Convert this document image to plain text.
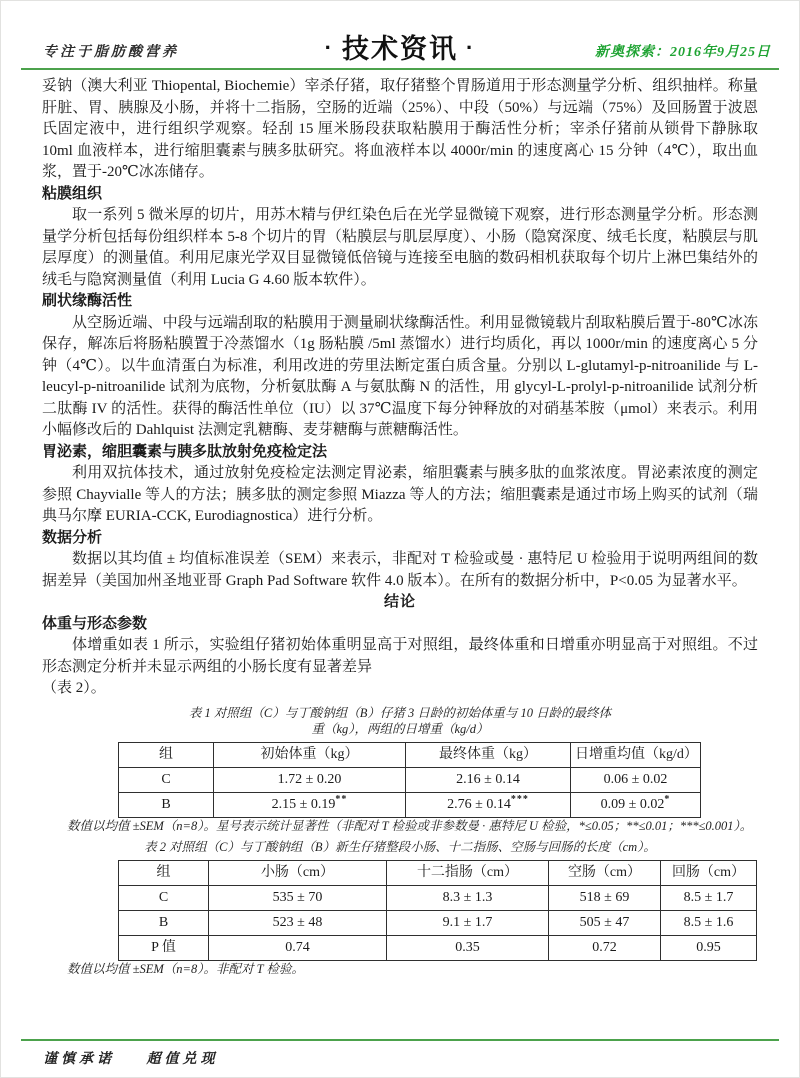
专注于脂肪酸营养	· 技术资讯 ·	新奥探索：2016年9月25日

妥钠（澳大利亚 Thiopental, Biochemie）宰杀仔猪，取仔猪整个胃肠道用于形态测量学分析、组织抽样。称量肝脏、胃、胰腺及小肠，并将十二指肠，空肠的近端（25%）、中段（50%）与远端（75%）及回肠置于波恩氏固定液中，进行组织学观察。轻刮 15 厘米肠段获取粘膜用于酶活性分析；宰杀仔猪前从锁骨下静脉取 10ml 血液样本，进行缩胆囊素与胰多肽研究。将血液样本以 4000r/min 的速度离心 15 分钟（4℃），取出血浆，置于-20℃冰冻储存。

粘膜组织

取一系列 5 微米厚的切片，用苏木精与伊红染色后在光学显微镜下观察，进行形态测量学分析。形态测量学分析包括每份组织样本 5-8 个切片的胃（粘膜层与肌层厚度）、小肠（隐窝深度、绒毛长度，粘膜层与肌层厚度）的测量值。利用尼康光学双目显微镜低倍镜与连接至电脑的数码相机获取每个切片上淋巴集结外的绒毛与隐窝测量值（利用 Lucia G 4.60 版本软件）。

刷状缘酶活性

从空肠近端、中段与远端刮取的粘膜用于测量刷状缘酶活性。利用显微镜载片刮取粘膜后置于-80℃冰冻保存，解冻后将肠粘膜置于冷蒸馏水（1g 肠粘膜 /5ml 蒸馏水）进行均质化，再以 1000r/min 的速度离心 5 分钟（4℃）。以牛血清蛋白为标准，利用改进的劳里法断定蛋白质含量。分别以 L-glutamyl-p-nitroanilide 与 L-leucyl-p-nitroanilide 试剂为底物，分析氨肽酶 A 与氨肽酶 N 的活性，用 glycyl-L-prolyl-p-nitroanilide 试剂分析二肽酶 IV 的活性。获得的酶活性单位（IU）以 37℃温度下每分钟释放的对硝基苯胺（μmol）来表示。利用小幅修改后的 Dahlquist 法测定乳糖酶、麦芽糖酶与蔗糖酶活性。

胃泌素，缩胆囊素与胰多肽放射免疫检定法

利用双抗体技术，通过放射免疫检定法测定胃泌素，缩胆囊素与胰多肽的血浆浓度。胃泌素浓度的测定参照 Chayvialle 等人的方法；胰多肽的测定参照 Miazza 等人的方法；缩胆囊素是通过市场上购买的试剂（瑞典马尔摩 EURIA-CCK, Eurodiagnostica）进行分析。

数据分析

数据以其均值 ± 均值标准误差（SEM）来表示，非配对 T 检验或曼 · 惠特尼 U 检验用于说明两组间的数据差异（美国加州圣地亚哥 Graph Pad Software 软件 4.0 版本）。在所有的数据分析中，P<0.05 为显著水平。

结论
体重与形态参数

体增重如表 1 所示，实验组仔猪初始体重明显高于对照组，最终体重和日增重亦明显高于对照组。不过形态测定分析并未显示两组的小肠长度有显著差异

（表 2）。

表 1 对照组（C）与丁酸钠组（B）仔猪 3 日龄的初始体重与 10 日龄的最终体
重（kg），两组的日增重（kg/d）
组	初始体重（kg）	最终体重（kg）	日增重均值（kg/d）
C	1.72 ± 0.20	2.16 ± 0.14	0.06 ± 0.02
B	2.15 ± 0.19**	2.76 ± 0.14***	0.09 ± 0.02*

数值以均值 ±SEM（n=8）。星号表示统计显著性（非配对 T 检验或非参数曼 · 惠特尼 U 检验，*≤0.05；**≤0.01；***≤0.001）。

表 2 对照组（C）与丁酸钠组（B）新生仔猪整段小肠、十二指肠、空肠与回肠的长度（cm）。
组	小肠（cm）	十二指肠（cm）	空肠（cm）	回肠（cm）
C	535 ± 70	8.3 ± 1.3	518 ± 69	8.5 ± 1.7
B	523 ± 48	9.1 ± 1.7	505 ± 47	8.5 ± 1.6
P 值	0.74	0.35	0.72	0.95

数值以均值 ±SEM（n=8）。非配对 T 检验。

谨慎承诺 超值兑现
